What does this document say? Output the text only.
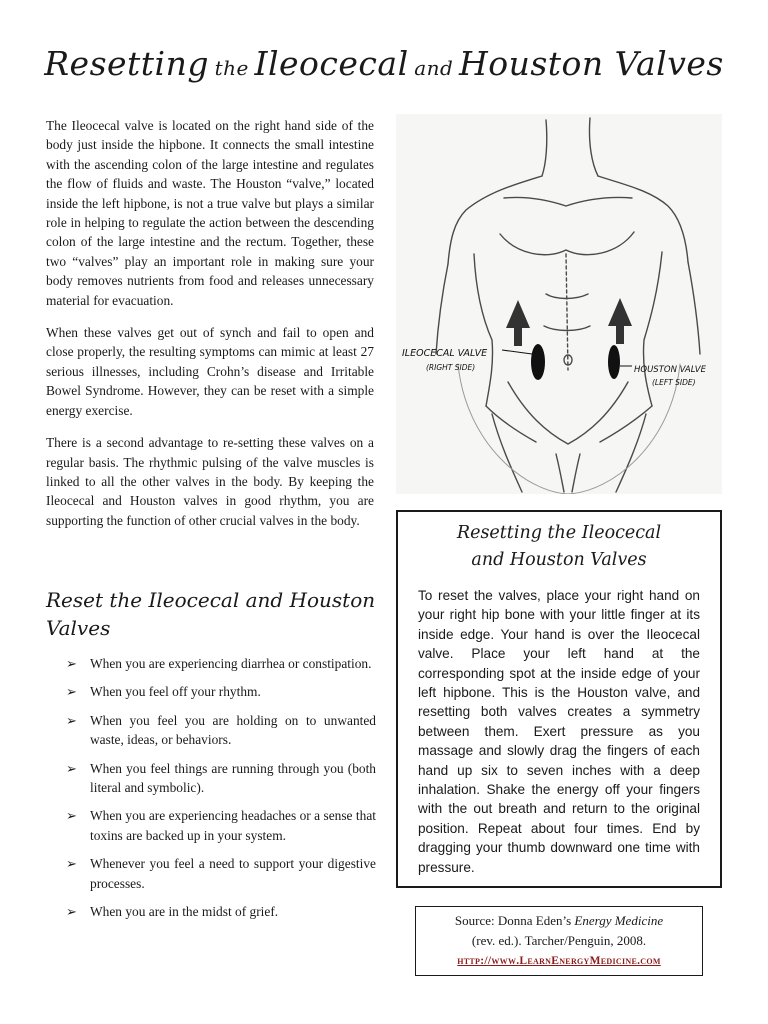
Resetting the Ileocecal and Houston Valves

The Ileocecal valve is located on the right hand side of the body just inside the hipbone. It connects the small intestine with the ascending colon of the large intestine and regulates the flow of fluids and waste. The Houston “valve,” located inside the left hipbone, is not a true valve but plays a similar role in helping to regulate the action between the descending colon of the large intestine and the rectum. Together, these two “valves” play an important role in making sure your body removes nutrients from food and releases unnecessary material for evacuation.

When these valves get out of synch and fail to open and close properly, the resulting symptoms can mimic at least 27 serious illnesses, including Crohn’s disease and Irritable Bowel Syndrome. However, they can be reset with a simple energy exercise.

There is a second advantage to re-setting these valves on a regular basis. The rhythmic pulsing of the valve muscles is linked to all the other valves in the body. By keeping the Ileocecal and Houston valves in good rhythm, you are supporting the function of other crucial valves in the body.

Reset the Ileocecal and Houston Valves
➢ When you are experiencing diarrhea or constipation.
➢ When you feel off your rhythm.
➢ When you feel you are holding on to unwanted waste, ideas, or behaviors.
➢ When you feel things are running through you (both literal and symbolic).
➢ When you are experiencing headaches or a sense that toxins are backed up in your system.
➢ Whenever you feel a need to support your digestive processes.
➢ When you are in the midst of grief.
ILEOCECAL VALVE
(RIGHT SIDE)	HOUSTON VALVE
(LEFT SIDE)
Resetting the Ileocecal
and Houston Valves

To reset the valves, place your right hand on your right hip bone with your little finger at its inside edge. Your hand is over the Ileocecal valve. Place your left hand at the corresponding spot at the inside edge of your left hipbone. This is the Houston valve, and resetting both valves creates a symmetry between them. Exert pressure as you massage and slowly drag the fingers of each hand up six to seven inches with a deep inhalation. Shake the energy off your fingers with the out breath and return to the original position. Repeat about four times. End by dragging your thumb downward one time with pressure.

Source: Donna Eden’s Energy Medicine
(rev. ed.). Tarcher/Penguin, 2008.
http://www.LearnEnergyMedicine.com
